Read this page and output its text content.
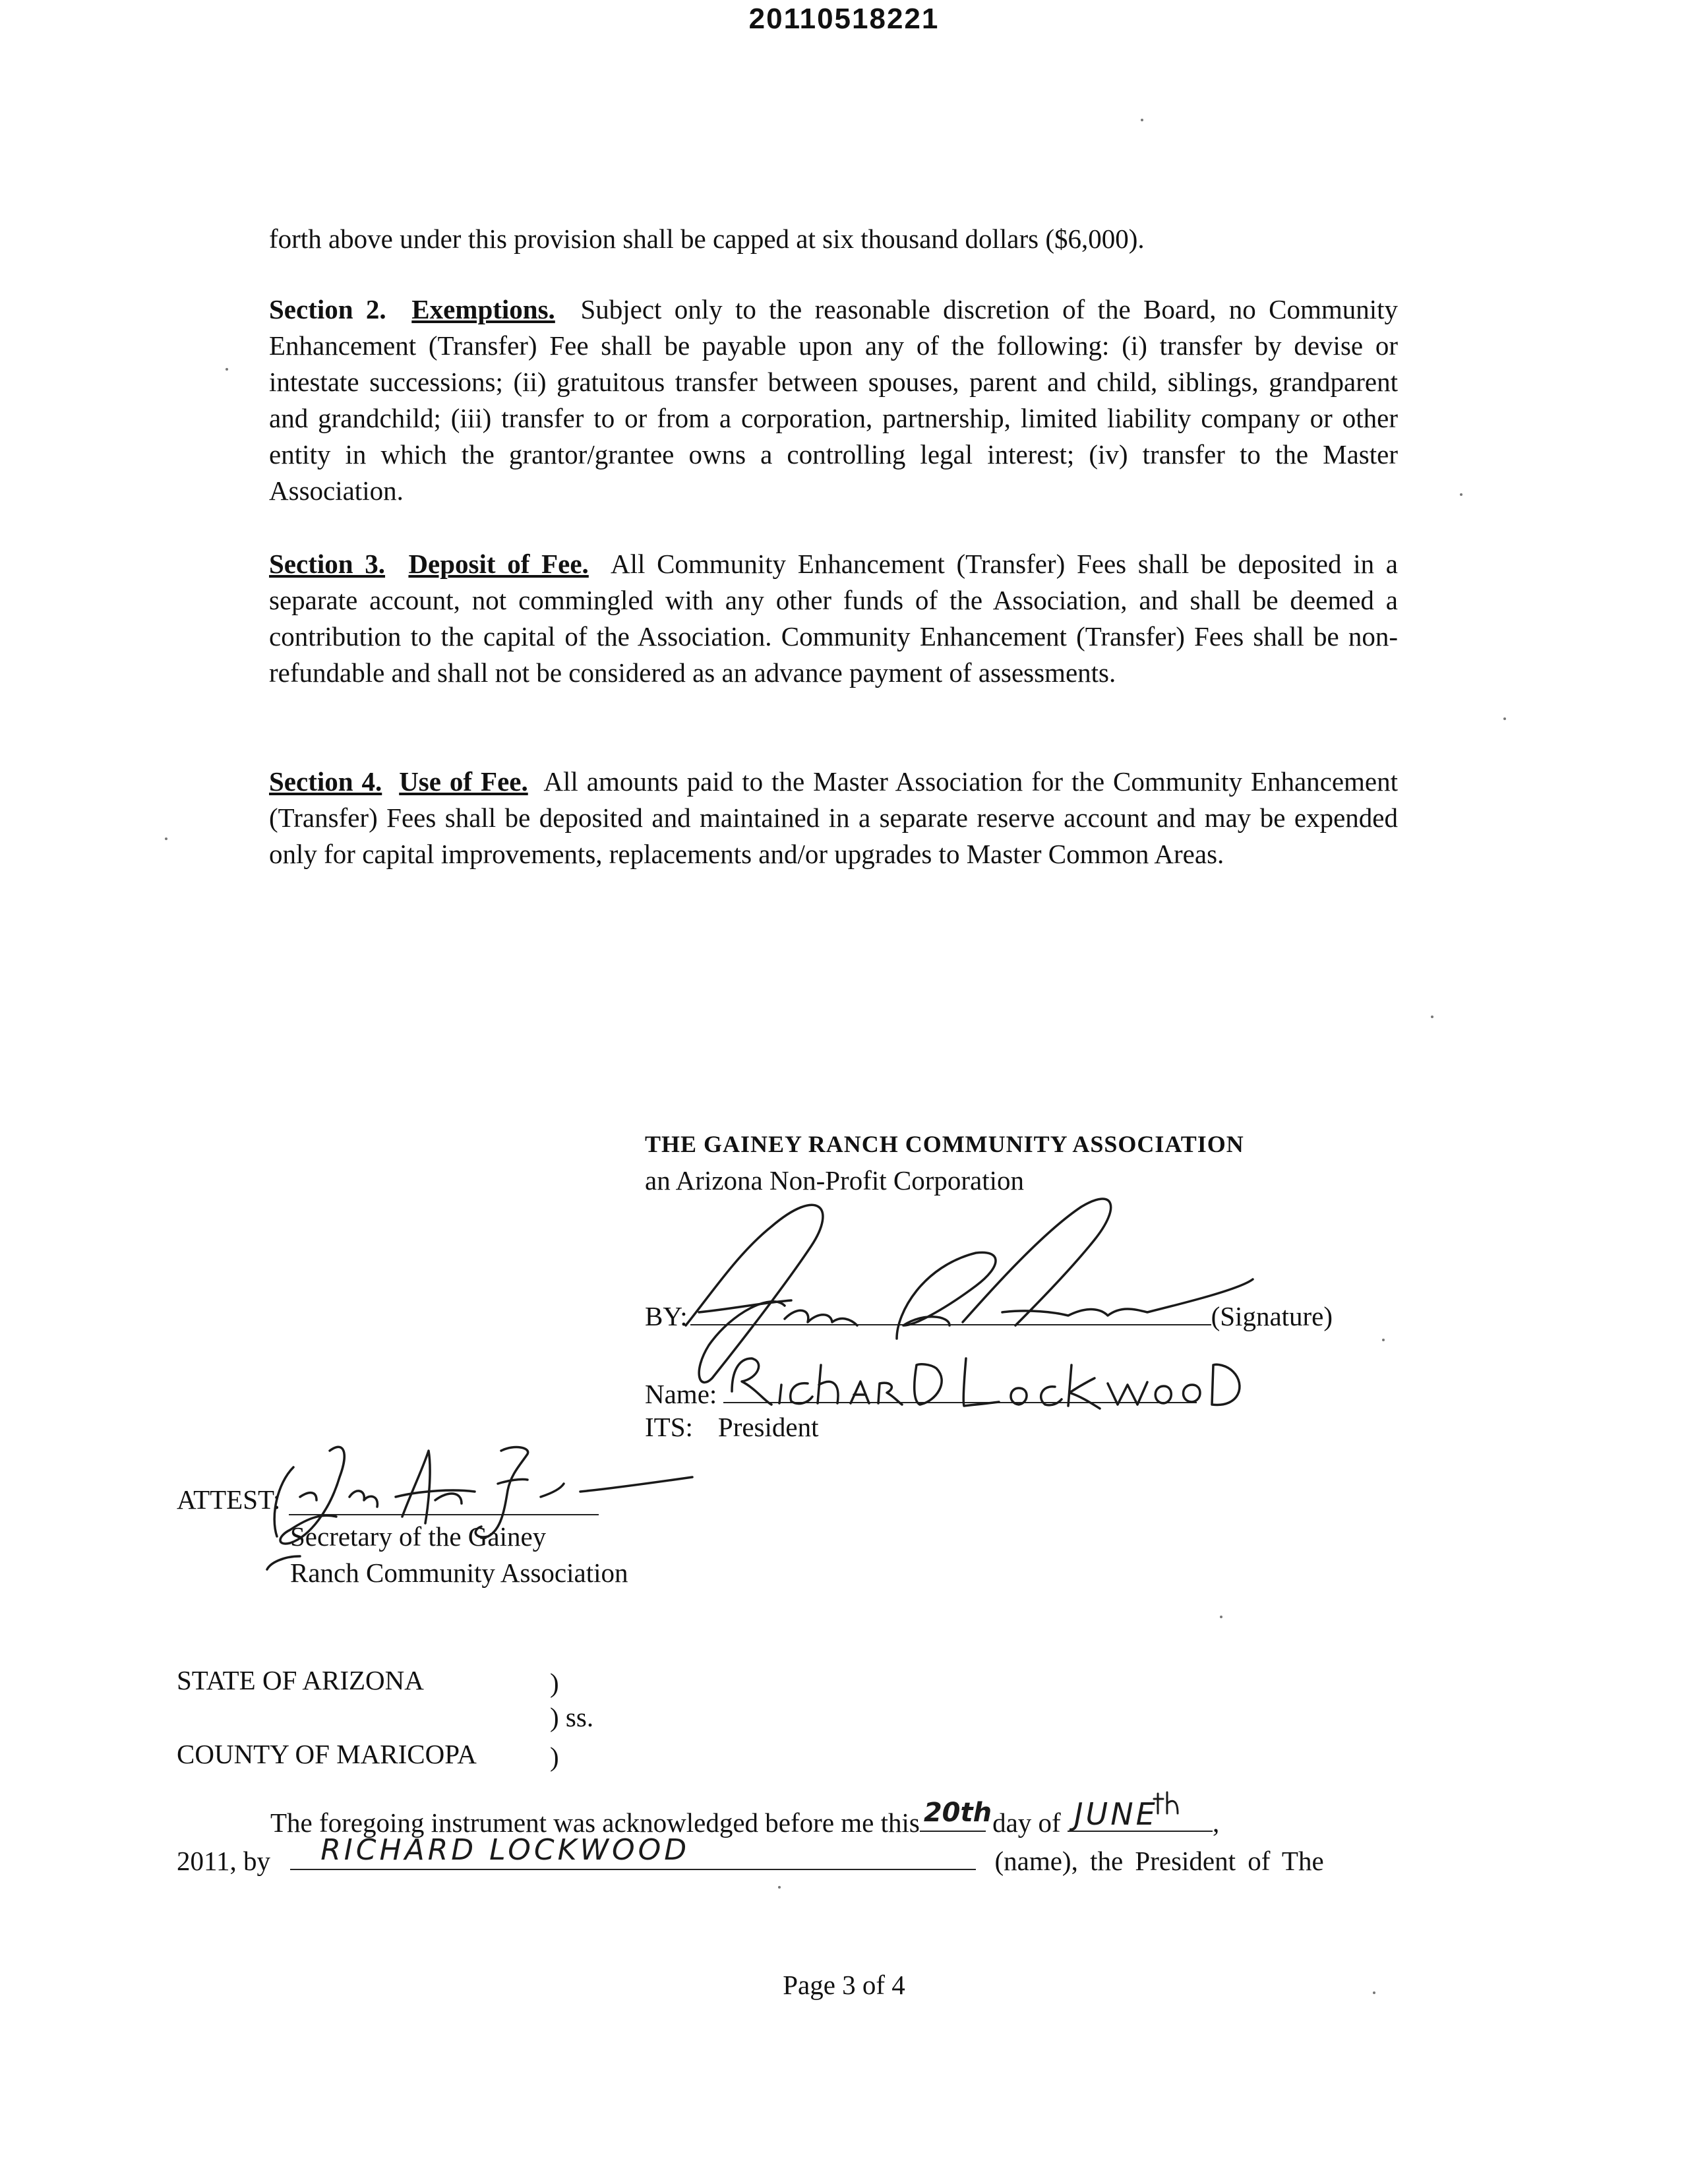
20110518221
forth above under this provision shall be capped at six thousand dollars ($6,000).
Section 2. Exemptions. Subject only to the reasonable discretion of the Board, no Community Enhancement (Transfer) Fee shall be payable upon any of the following: (i) transfer by devise or intestate successions; (ii) gratuitous transfer between spouses, parent and child, siblings, grandparent and grandchild; (iii) transfer to or from a corporation, partnership, limited liability company or other entity in which the grantor/grantee owns a controlling legal interest; (iv) transfer to the Master Association.
Section 3. Deposit of Fee. All Community Enhancement (Transfer) Fees shall be deposited in a separate account, not commingled with any other funds of the Association, and shall be deemed a contribution to the capital of the Association. Community Enhancement (Transfer) Fees shall be non-refundable and shall not be considered as an advance payment of assessments.
Section 4. Use of Fee. All amounts paid to the Master Association for the Community Enhancement (Transfer) Fees shall be deposited and maintained in a separate reserve account and may be expended only for capital improvements, replacements and/or upgrades to Master Common Areas.
THE GAINEY RANCH COMMUNITY ASSOCIATION
an Arizona Non-Profit Corporation
BY:	(Signature)
Name:
ITS: President
ATTEST:
Secretary of the Gainey
Ranch Community Association
STATE OF ARIZONA	)
) ss.
COUNTY OF MARICOPA	)
The foregoing instrument was acknowledged before me this 20th day of JUNE ,
2011, by RICHARD LOCKWOOD	(name), the President of The
Page 3 of 4
